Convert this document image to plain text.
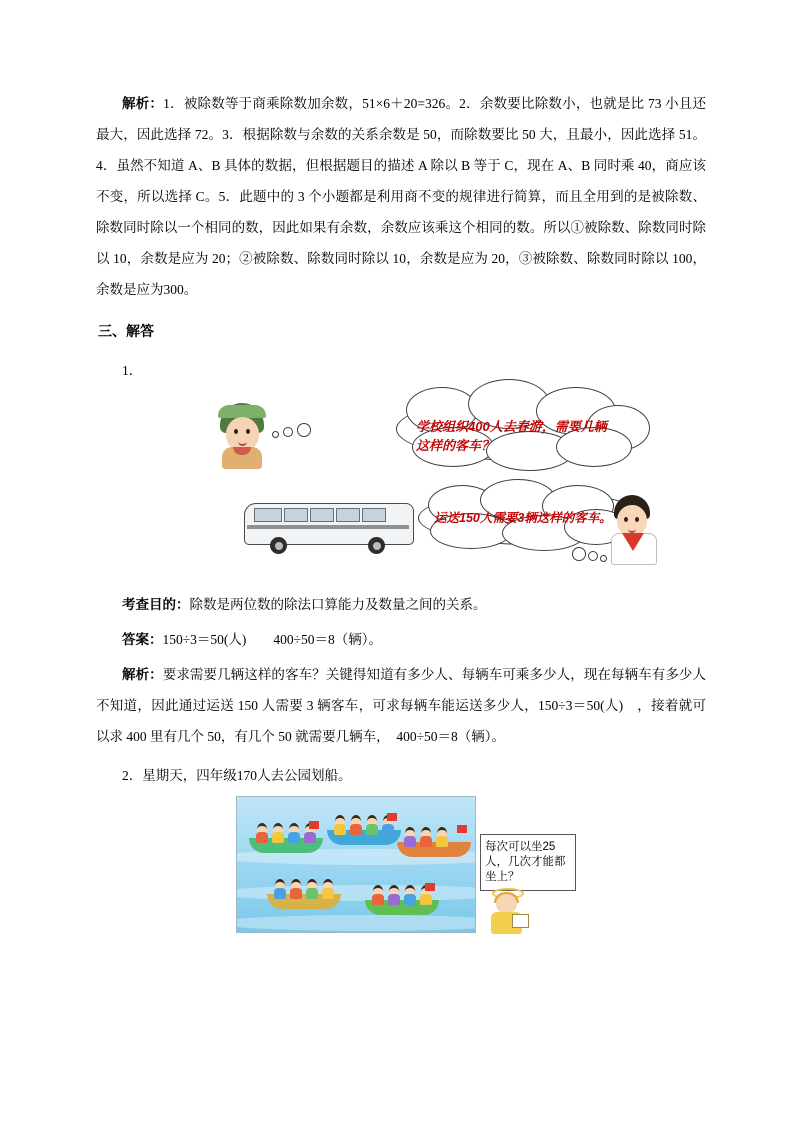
解析：1．被除数等于商乘除数加余数，51×6＋20=326。2．余数要比除数小，也就是比 73 小且还最大，因此选择 72。3．根据除数与余数的关系余数是 50，而除数要比 50 大，且最小，因此选择 51。4．虽然不知道 A、B 具体的数据，但根据题目的描述 A 除以 B 等于 C，现在 A、B 同时乘 40，商应该不变，所以选择 C。5．此题中的 3 个小题都是利用商不变的规律进行简算，而且全用到的是被除数、除数同时除以一个相同的数，因此如果有余数，余数应该乘这个相同的数。所以①被除数、除数同时除以 10，余数是应为 20；②被除数、除数同时除以 10，余数是应为 20，③被除数、除数同时除以 100，余数是应为300。

三、解答

1．

学校组织400人去春游，需要几辆这样的客车？
运送150人需要3辆这样的客车。

考查目的：除数是两位数的除法口算能力及数量之间的关系。

答案：150÷3＝50(人)　　400÷50＝8（辆）。

解析：要求需要几辆这样的客车？关键得知道有多少人、每辆车可乘多少人，现在每辆车有多少人不知道，因此通过运送 150 人需要 3 辆客车，可求每辆车能运送多少人，150÷3＝50(人)　，接着就可以求 400 里有几个 50，有几个 50 就需要几辆车，　400÷50＝8（辆）。

2．星期天，四年级170人去公园划船。

每次可以坐25人，几次才能都坐上？
